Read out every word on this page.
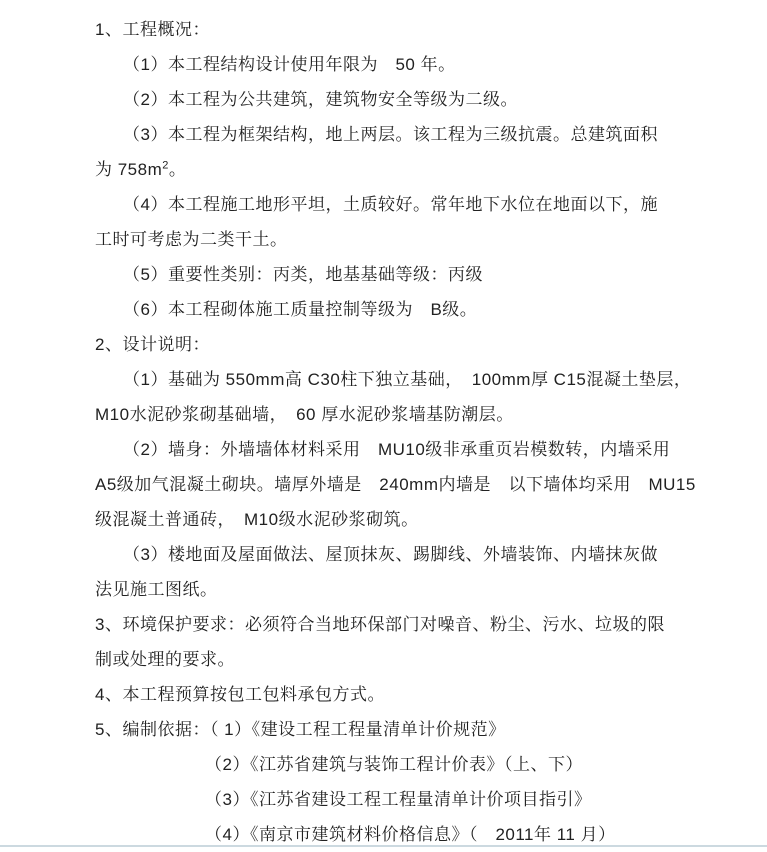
1、工程概况：

（1）本工程结构设计使用年限为　50 年。

（2）本工程为公共建筑，建筑物安全等级为二级。

（3）本工程为框架结构，地上两层。该工程为三级抗震。总建筑面积

为 $758m^2$。

（4）本工程施工地形平坦，土质较好。常年地下水位在地面以下，施

工时可考虑为二类干土。

（5）重要性类别：丙类，地基基础等级：丙级

（6）本工程砌体施工质量控制等级为　B级。

2、设计说明：

（1）基础为 550mm高 C30柱下独立基础，　100mm厚 C15混凝土垫层，

M10水泥砂浆砌基础墙，　60 厚水泥砂浆墙基防潮层。

（2）墙身：外墙墙体材料采用　MU10级非承重页岩模数转，内墙采用

A5级加气混凝土砌块。墙厚外墙是　240mm内墙是　以下墙体均采用　MU15

级混凝土普通砖，　M10级水泥砂浆砌筑。

（3）楼地面及屋面做法、屋顶抹灰、踢脚线、外墙装饰、内墙抹灰做

法见施工图纸。

3、环境保护要求：必须符合当地环保部门对噪音、粉尘、污水、垃圾的限

制或处理的要求。

4、本工程预算按包工包料承包方式。

5、编制依据：（ 1）《建设工程工程量清单计价规范》

（2）《江苏省建筑与装饰工程计价表》（上、下）

（3）《江苏省建设工程工程量清单计价项目指引》

（4）《南京市建筑材料价格信息》（　2011年 11 月）
